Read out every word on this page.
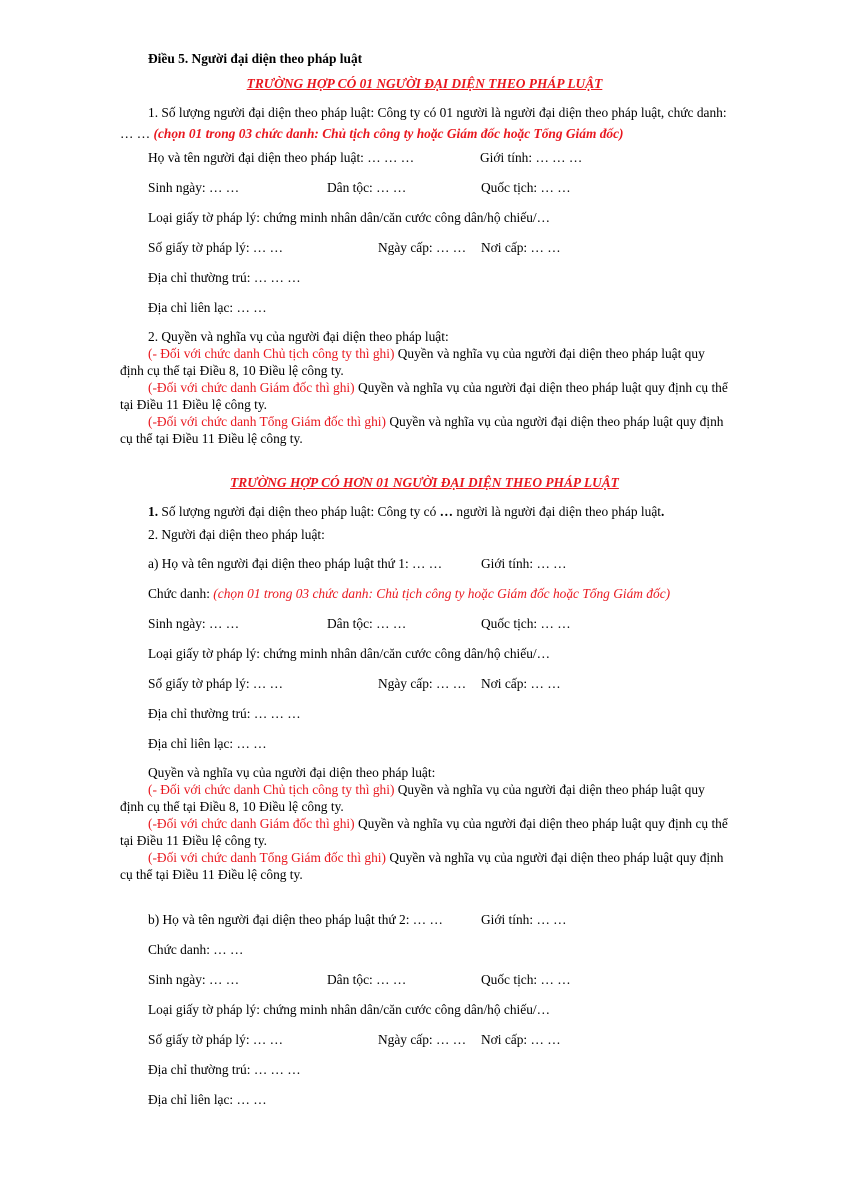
Điều 5. Người đại diện theo pháp luật
TRƯỜNG HỢP CÓ 01 NGƯỜI ĐẠI DIỆN THEO PHÁP LUẬT
1. Số lượng người đại diện theo pháp luật: Công ty có 01 người là người đại diện theo pháp luật, chức danh:
… … (chọn 01 trong 03 chức danh: Chủ tịch công ty hoặc Giám đốc hoặc Tổng Giám đốc)
Họ và tên người đại diện theo pháp luật: … … …	Giới tính: … … …
Sinh ngày: … …	Dân tộc: … …	Quốc tịch: … …
Loại giấy tờ pháp lý: chứng minh nhân dân/căn cước công dân/hộ chiếu/…
Số giấy tờ pháp lý: … …	Ngày cấp: … … Nơi cấp: … …
Địa chỉ thường trú: … … …
Địa chỉ liên lạc: … …
2. Quyền và nghĩa vụ của người đại diện theo pháp luật:
(- Đối với chức danh Chủ tịch công ty thì ghi) Quyền và nghĩa vụ của người đại diện theo pháp luật quy
định cụ thể tại Điều 8, 10 Điều lệ công ty.
(-Đối với chức danh Giám đốc thì ghi) Quyền và nghĩa vụ của người đại diện theo pháp luật quy định cụ thể
tại Điều 11 Điều lệ công ty.
(-Đối với chức danh Tổng Giám đốc thì ghi) Quyền và nghĩa vụ của người đại diện theo pháp luật quy định
cụ thể tại Điều 11 Điều lệ công ty.
TRƯỜNG HỢP CÓ HƠN 01 NGƯỜI ĐẠI DIỆN THEO PHÁP LUẬT
1. Số lượng người đại diện theo pháp luật: Công ty có … người là người đại diện theo pháp luật.
2. Người đại diện theo pháp luật:
a) Họ và tên người đại diện theo pháp luật thứ 1: … …	Giới tính: … …
Chức danh: (chọn 01 trong 03 chức danh: Chủ tịch công ty hoặc Giám đốc hoặc Tổng Giám đốc)
Sinh ngày: … …	Dân tộc: … …	Quốc tịch: … …
Loại giấy tờ pháp lý: chứng minh nhân dân/căn cước công dân/hộ chiếu/…
Số giấy tờ pháp lý: … …	Ngày cấp: … … Nơi cấp: … …
Địa chỉ thường trú: … … …
Địa chỉ liên lạc: … …
Quyền và nghĩa vụ của người đại diện theo pháp luật:
(- Đối với chức danh Chủ tịch công ty thì ghi) Quyền và nghĩa vụ của người đại diện theo pháp luật quy
định cụ thể tại Điều 8, 10 Điều lệ công ty.
(-Đối với chức danh Giám đốc thì ghi) Quyền và nghĩa vụ của người đại diện theo pháp luật quy định cụ thể
tại Điều 11 Điều lệ công ty.
(-Đối với chức danh Tổng Giám đốc thì ghi) Quyền và nghĩa vụ của người đại diện theo pháp luật quy định
cụ thể tại Điều 11 Điều lệ công ty.
b) Họ và tên người đại diện theo pháp luật thứ 2: … …	Giới tính: … …
Chức danh: … …
Sinh ngày: … …	Dân tộc: … …	Quốc tịch: … …
Loại giấy tờ pháp lý: chứng minh nhân dân/căn cước công dân/hộ chiếu/…
Số giấy tờ pháp lý: … …	Ngày cấp: … … Nơi cấp: … …
Địa chỉ thường trú: … … …
Địa chỉ liên lạc: … …
